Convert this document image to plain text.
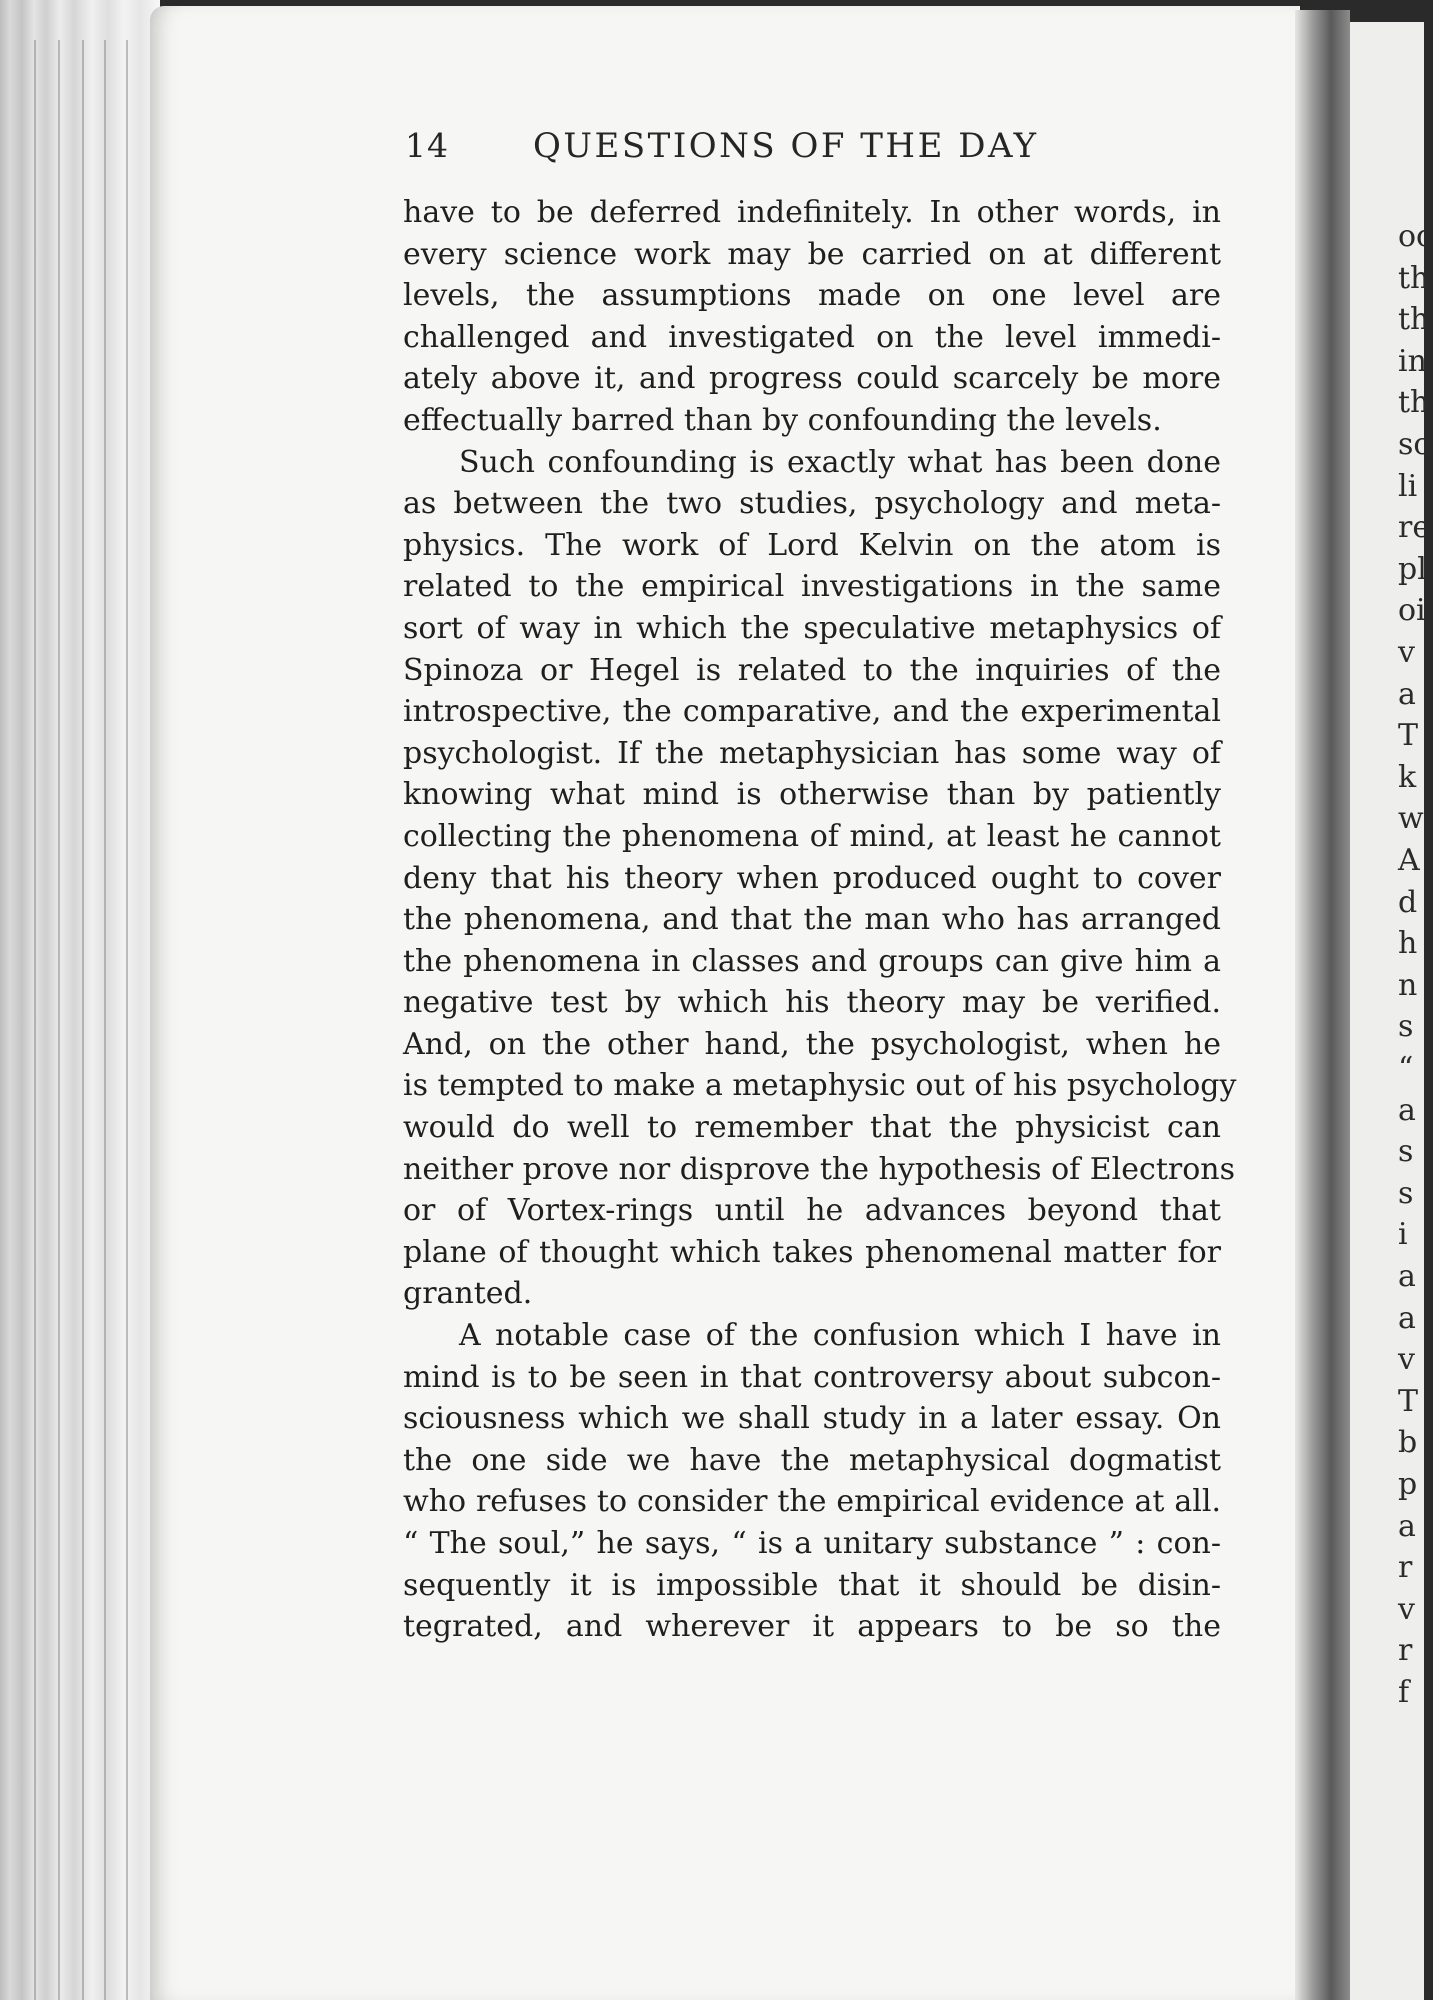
oc
th
th
in
th
so
li
re
pl
oi
v
a
T
k
w
A
d
h
n
s
“
a
s
s
i
a
a
v
T
b
p
a
r
v
r
f
14 QUESTIONS OF THE DAY
have to be deferred indefinitely. In other words, in
every science work may be carried on at different
levels, the assumptions made on one level are
challenged and investigated on the level immedi-
ately above it, and progress could scarcely be more
effectually barred than by confounding the levels.
Such confounding is exactly what has been done
as between the two studies, psychology and meta-
physics. The work of Lord Kelvin on the atom is
related to the empirical investigations in the same
sort of way in which the speculative metaphysics of
Spinoza or Hegel is related to the inquiries of the
introspective, the comparative, and the experimental
psychologist. If the metaphysician has some way of
knowing what mind is otherwise than by patiently
collecting the phenomena of mind, at least he cannot
deny that his theory when produced ought to cover
the phenomena, and that the man who has arranged
the phenomena in classes and groups can give him a
negative test by which his theory may be verified.
And, on the other hand, the psychologist, when he
is tempted to make a metaphysic out of his psychology
would do well to remember that the physicist can
neither prove nor disprove the hypothesis of Electrons
or of Vortex-rings until he advances beyond that
plane of thought which takes phenomenal matter for
granted.
A notable case of the confusion which I have in
mind is to be seen in that controversy about subcon-
sciousness which we shall study in a later essay. On
the one side we have the metaphysical dogmatist
who refuses to consider the empirical evidence at all.
“ The soul,” he says, “ is a unitary substance ” : con-
sequently it is impossible that it should be disin-
tegrated, and wherever it appears to be so the
